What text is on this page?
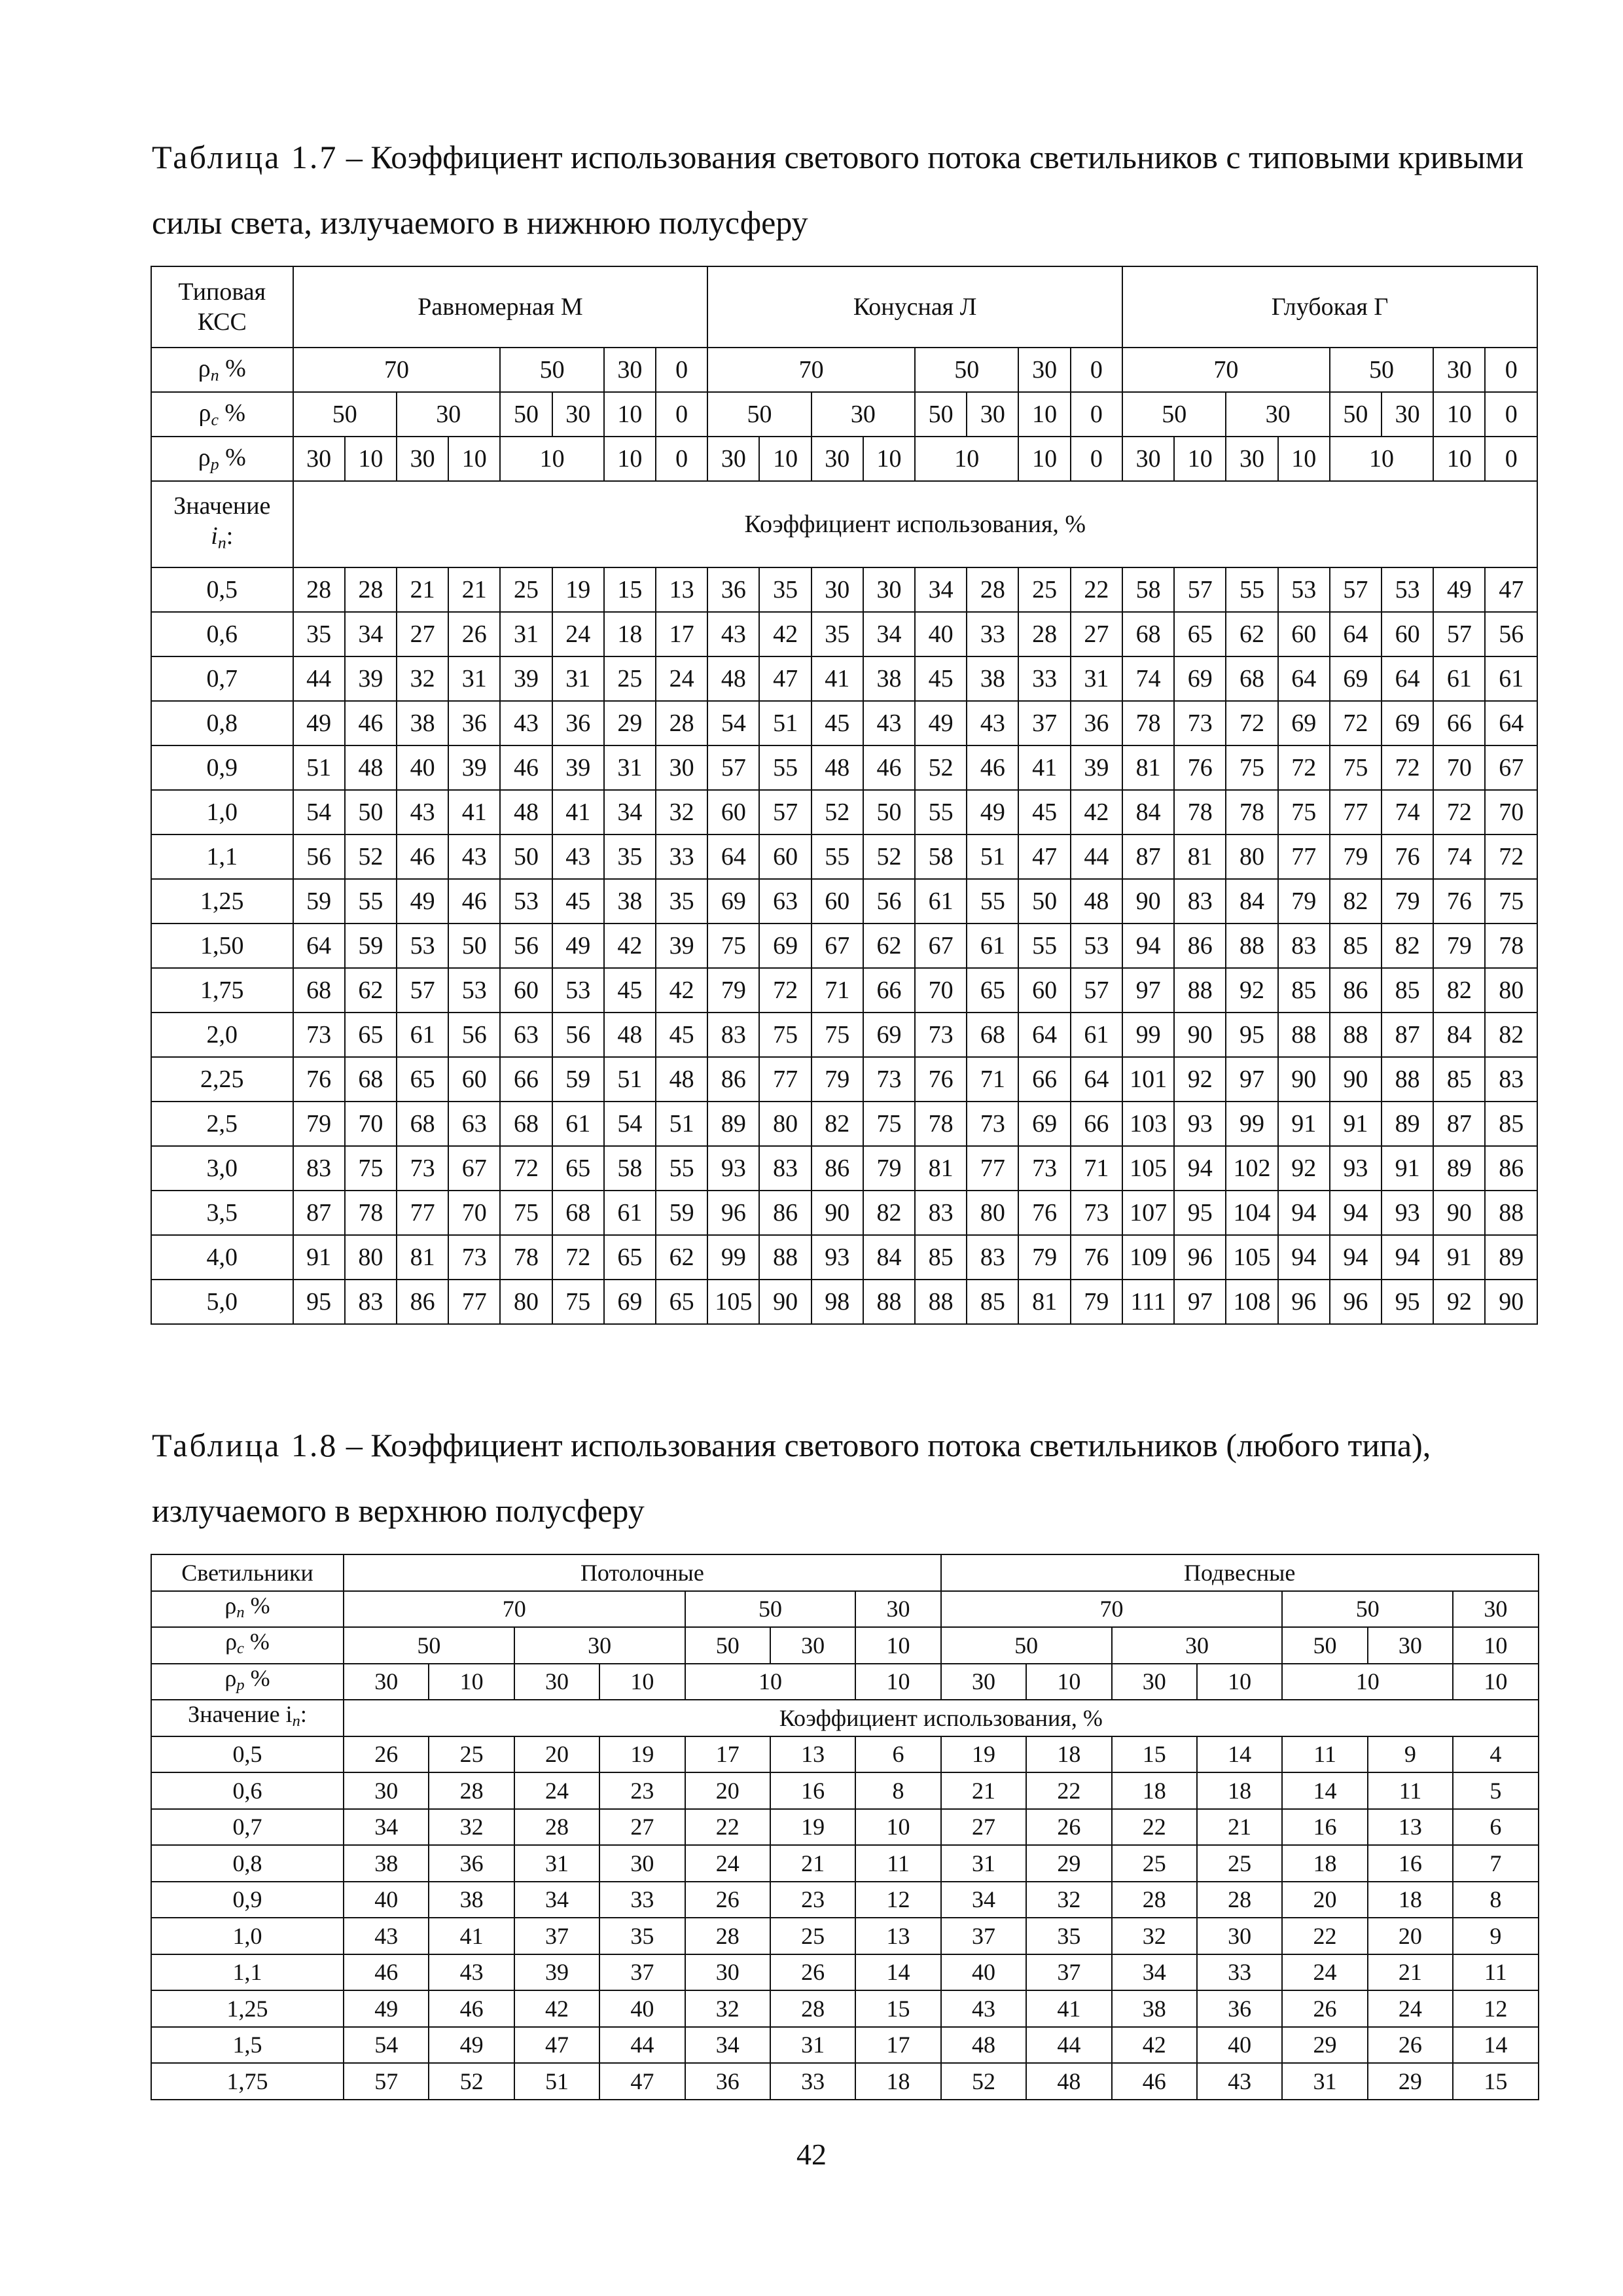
Таблица 1.7 – Коэффициент использования светового потока светильников с типовыми кривыми силы света, излучаемого в нижнюю полусферу

Типовая
КСС	Равномерная М								Конусная Л								Глубокая Г							
$\rho_n$ %	70				50		30	0	70				50		30	0	70				50		30	0
$\rho_c$ %	50		30		50	30	10	0	50		30		50	30	10	0	50		30		50	30	10	0
$\rho_p$ %	30	10	30	10	10		10	0	30	10	30	10	10		10	0	30	10	30	10	10		10	0
Значение
$i_n$:	Коэффициент использования, %																							
0,5	28	28	21	21	25	19	15	13	36	35	30	30	34	28	25	22	58	57	55	53	57	53	49	47
0,6	35	34	27	26	31	24	18	17	43	42	35	34	40	33	28	27	68	65	62	60	64	60	57	56
0,7	44	39	32	31	39	31	25	24	48	47	41	38	45	38	33	31	74	69	68	64	69	64	61	61
0,8	49	46	38	36	43	36	29	28	54	51	45	43	49	43	37	36	78	73	72	69	72	69	66	64
0,9	51	48	40	39	46	39	31	30	57	55	48	46	52	46	41	39	81	76	75	72	75	72	70	67
1,0	54	50	43	41	48	41	34	32	60	57	52	50	55	49	45	42	84	78	78	75	77	74	72	70
1,1	56	52	46	43	50	43	35	33	64	60	55	52	58	51	47	44	87	81	80	77	79	76	74	72
1,25	59	55	49	46	53	45	38	35	69	63	60	56	61	55	50	48	90	83	84	79	82	79	76	75
1,50	64	59	53	50	56	49	42	39	75	69	67	62	67	61	55	53	94	86	88	83	85	82	79	78
1,75	68	62	57	53	60	53	45	42	79	72	71	66	70	65	60	57	97	88	92	85	86	85	82	80
2,0	73	65	61	56	63	56	48	45	83	75	75	69	73	68	64	61	99	90	95	88	88	87	84	82
2,25	76	68	65	60	66	59	51	48	86	77	79	73	76	71	66	64	101	92	97	90	90	88	85	83
2,5	79	70	68	63	68	61	54	51	89	80	82	75	78	73	69	66	103	93	99	91	91	89	87	85
3,0	83	75	73	67	72	65	58	55	93	83	86	79	81	77	73	71	105	94	102	92	93	91	89	86
3,5	87	78	77	70	75	68	61	59	96	86	90	82	83	80	76	73	107	95	104	94	94	93	90	88
4,0	91	80	81	73	78	72	65	62	99	88	93	84	85	83	79	76	109	96	105	94	94	94	91	89
5,0	95	83	86	77	80	75	69	65	105	90	98	88	88	85	81	79	111	97	108	96	96	95	92	90

Таблица 1.8 – Коэффициент использования светового потока светильников (любого типа), излучаемого в верхнюю полусферу

Светильники	Потолочные							Подвесные						
$\rho_n$ %	70				50		30	70				50		30
$\rho_c$ %	50		30		50	30	10	50		30		50	30	10
$\rho_p$ %	30	10	30	10	10		10	30	10	30	10	10		10
Значение $i_n$:	Коэффициент использования, %													
0,5	26	25	20	19	17	13	6	19	18	15	14	11	9	4
0,6	30	28	24	23	20	16	8	21	22	18	18	14	11	5
0,7	34	32	28	27	22	19	10	27	26	22	21	16	13	6
0,8	38	36	31	30	24	21	11	31	29	25	25	18	16	7
0,9	40	38	34	33	26	23	12	34	32	28	28	20	18	8
1,0	43	41	37	35	28	25	13	37	35	32	30	22	20	9
1,1	46	43	39	37	30	26	14	40	37	34	33	24	21	11
1,25	49	46	42	40	32	28	15	43	41	38	36	26	24	12
1,5	54	49	47	44	34	31	17	48	44	42	40	29	26	14
1,75	57	52	51	47	36	33	18	52	48	46	43	31	29	15
42
